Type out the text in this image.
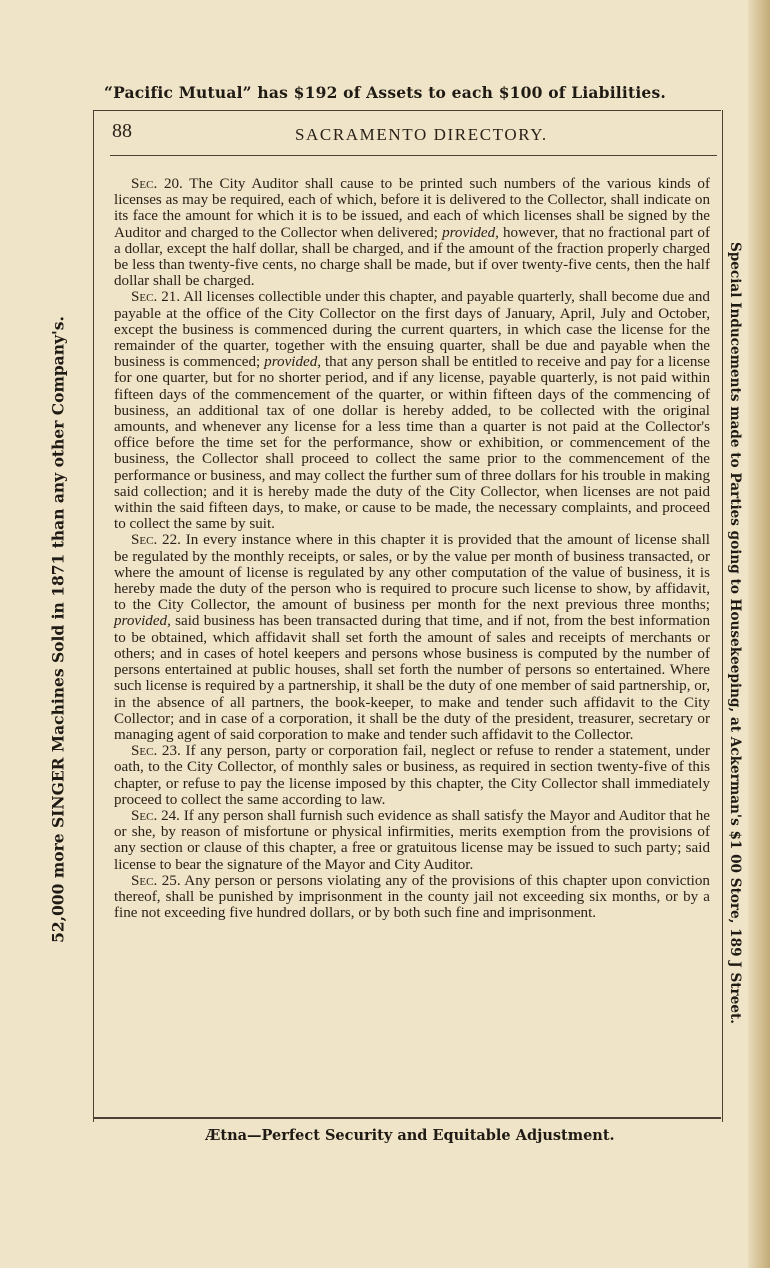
“Pacific Mutual” has $192 of Assets to each $100 of Liabilities.
52,000 more SINGER Machines Sold in 1871 than any other Company's.	Special Inducements made to Parties going to Housekeeping, at Ackerman's $1 00 Store, 189 J Street.
88	SACRAMENTO DIRECTORY.

Sec. 20. The City Auditor shall cause to be printed such numbers of the various kinds of licenses as may be required, each of which, before it is delivered to the Collector, shall indicate on its face the amount for which it is to be issued, and each of which licenses shall be signed by the Auditor and charged to the Collector when delivered; provided, however, that no fractional part of a dollar, except the half dollar, shall be charged, and if the amount of the fraction properly charged be less than twenty-five cents, no charge shall be made, but if over twenty-five cents, then the half dollar shall be charged.

Sec. 21. All licenses collectible under this chapter, and payable quarterly, shall become due and payable at the office of the City Collector on the first days of January, April, July and October, except the business is commenced during the current quarters, in which case the license for the remainder of the quarter, together with the ensuing quarter, shall be due and payable when the business is commenced; provided, that any person shall be entitled to receive and pay for a license for one quarter, but for no shorter period, and if any license, payable quarterly, is not paid within fifteen days of the commencement of the quarter, or within fifteen days of the commencing of business, an additional tax of one dollar is hereby added, to be collected with the original amounts, and whenever any license for a less time than a quarter is not paid at the Collector's office before the time set for the performance, show or exhibition, or commencement of the business, the Collector shall proceed to collect the same prior to the commencement of the performance or business, and may collect the further sum of three dollars for his trouble in making said collection; and it is hereby made the duty of the City Collector, when licenses are not paid within the said fifteen days, to make, or cause to be made, the necessary complaints, and proceed to collect the same by suit.

Sec. 22. In every instance where in this chapter it is provided that the amount of license shall be regulated by the monthly receipts, or sales, or by the value per month of business transacted, or where the amount of license is regulated by any other computation of the value of business, it is hereby made the duty of the person who is required to procure such license to show, by affidavit, to the City Collector, the amount of business per month for the next previous three months; provided, said business has been transacted during that time, and if not, from the best information to be obtained, which affidavit shall set forth the amount of sales and receipts of merchants or others; and in cases of hotel keepers and persons whose business is computed by the number of persons entertained at public houses, shall set forth the number of persons so entertained. Where such license is required by a partnership, it shall be the duty of one member of said partnership, or, in the absence of all partners, the book-keeper, to make and tender such affidavit to the City Collector; and in case of a corporation, it shall be the duty of the president, treasurer, secretary or managing agent of said corporation to make and tender such affidavit to the Collector.

Sec. 23. If any person, party or corporation fail, neglect or refuse to render a statement, under oath, to the City Collector, of monthly sales or business, as required in section twenty-five of this chapter, or refuse to pay the license imposed by this chapter, the City Collector shall immediately proceed to collect the same according to law.

Sec. 24. If any person shall furnish such evidence as shall satisfy the Mayor and Auditor that he or she, by reason of misfortune or physical infirmities, merits exemption from the provisions of any section or clause of this chapter, a free or gratuitous license may be issued to such party; said license to bear the signature of the Mayor and City Auditor.

Sec. 25. Any person or persons violating any of the provisions of this chapter upon conviction thereof, shall be punished by imprisonment in the county jail not exceeding six months, or by a fine not exceeding five hundred dollars, or by both such fine and imprisonment.

Ætna—Perfect Security and Equitable Adjustment.
